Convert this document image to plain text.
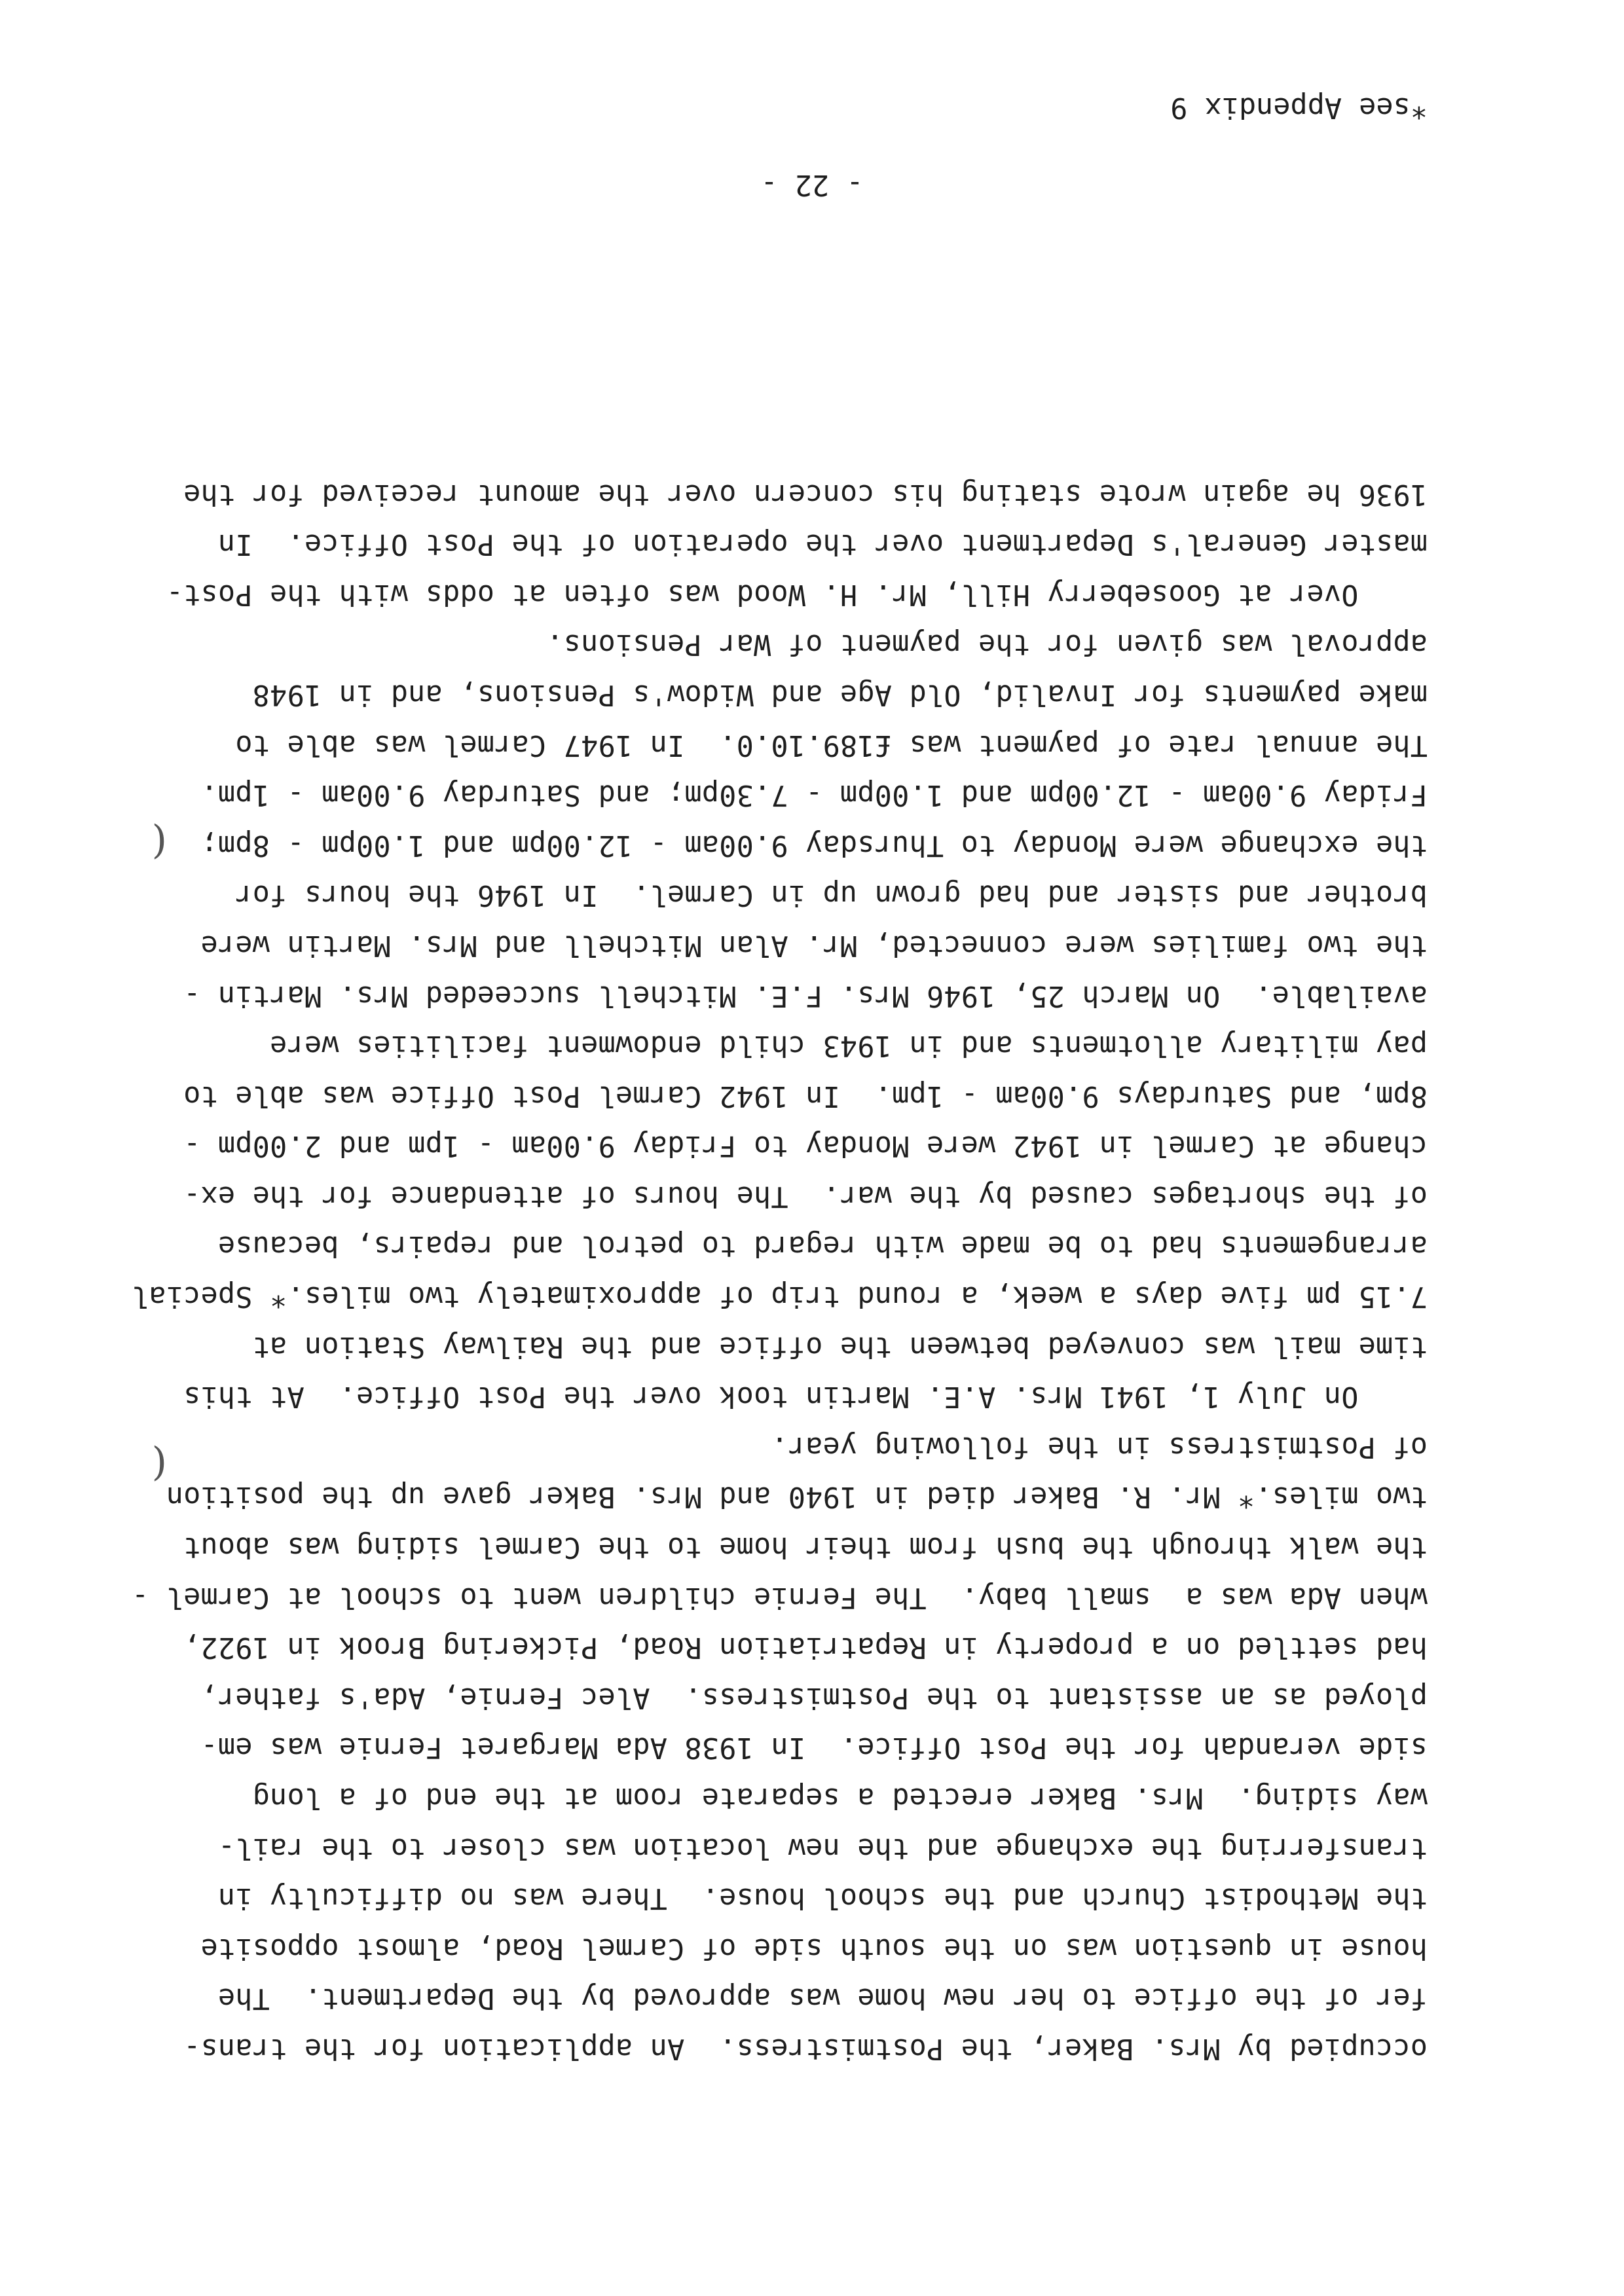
occupied by Mrs. Baker, the Postmistress.  An application for the trans-
fer of the office to her new home was approved by the Department.  The
house in question was on the south side of Carmel Road, almost opposite
the Methodist Church and the school house.  There was no difficulty in
transferring the exchange and the new location was closer to the rail-
way siding.  Mrs. Baker erected a separate room at the end of a long
side verandah for the Post Office.  In 1938 Ada Margaret Fernie was em-
ployed as an assistant to the Postmistress.  Alec Fernie, Ada's father,
had settled on a property in Repatriation Road, Pickering Brook in 1922,
when Ada was a  small baby.  The Fernie children went to school at Carmel -
the walk through the bush from their home to the Carmel siding was about
two miles.* Mr. R. Baker died in 1940 and Mrs. Baker gave up the position
of Postmistress in the following year.
On July 1, 1941 Mrs. A.E. Martin took over the Post Office.  At this
time mail was conveyed between the office and the Railway Station at
7.15 pm five days a week, a round trip of approximately two miles.* Special
arrangements had to be made with regard to petrol and repairs, because
of the shortages caused by the war.  The hours of attendance for the ex-
change at Carmel in 1942 were Monday to Friday 9.00am - 1pm and 2.00pm -
8pm, and Saturdays 9.00am - 1pm.  In 1942 Carmel Post Office was able to
pay military allotments and in 1943 child endowment facilities were
available.  On March 25, 1946 Mrs. F.E. Mitchell succeeded Mrs. Martin -
the two families were connected, Mr. Alan Mitchell and Mrs. Martin were
brother and sister and had grown up in Carmel.  In 1946 the hours for
the exchange were Monday to Thursday 9.00am - 12.00pm and 1.00pm - 8pm;
Friday 9.00am - 12.00pm and 1.00pm - 7.30pm; and Saturday 9.00am - 1pm.
The annual rate of payment was £189.10.0.  In 1947 Carmel was able to
make payments for Invalid, Old Age and Widow's Pensions, and in 1948
approval was given for the payment of War Pensions.
Over at Gooseberry Hill, Mr. H. Wood was often at odds with the Post-
master General's Department over the operation of the Post Office.  In
1936 he again wrote stating his concern over the amount received for the
- 22 -
*see Appendix 9
(
(
